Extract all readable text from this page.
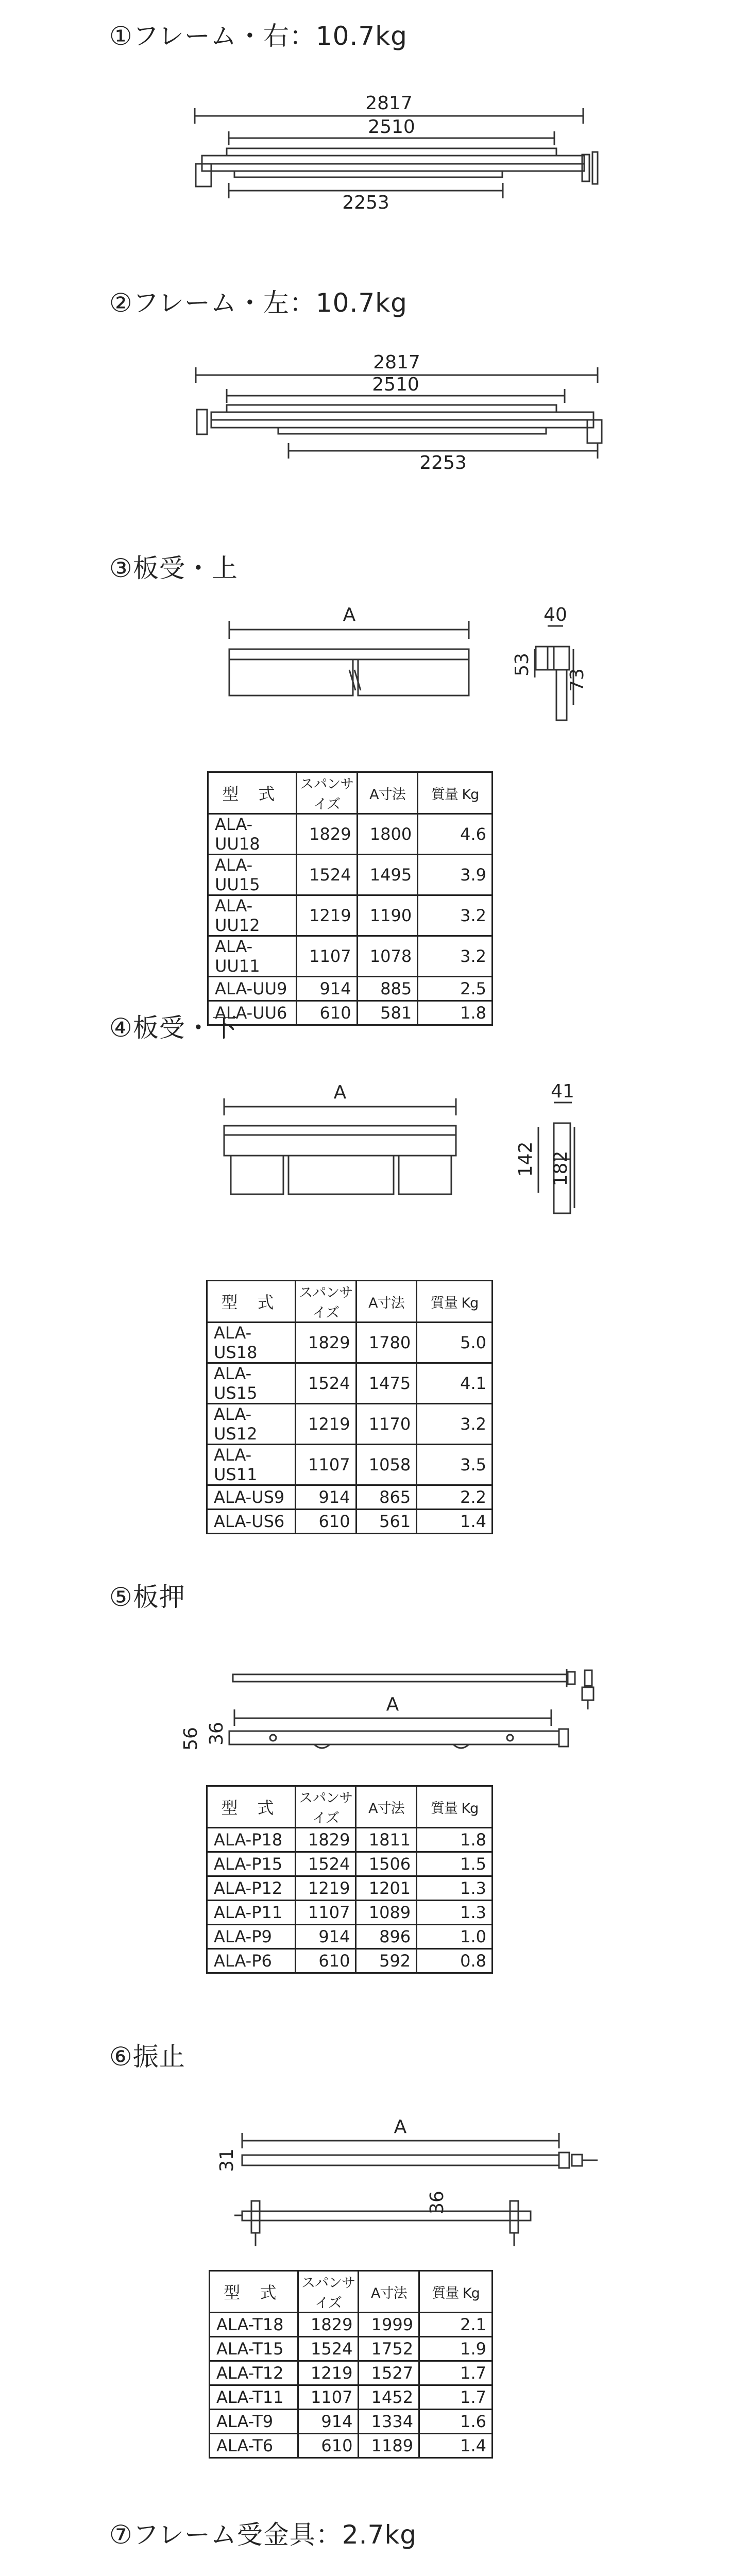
①フレーム・右：10.7kg
②フレーム・左：10.7kg
③板受・上
④板受・下
⑤板押
⑥振止
⑦フレーム受金具：2.7kg
2817
2510
2253
2817
2510
2253
A	40
53
73
A	41
142 182
A
36
56
A
31
36
型 式	スパンサイズ	A寸法	質量 Kg
ALA-UU18	1829	1800	4.6
ALA-UU15	1524	1495	3.9
ALA-UU12	1219	1190	3.2
ALA-UU11	1107	1078	3.2
ALA-UU9	914	885	2.5
ALA-UU6	610	581	1.8
型 式	スパンサイズ	A寸法	質量 Kg
ALA-US18	1829	1780	5.0
ALA-US15	1524	1475	4.1
ALA-US12	1219	1170	3.2
ALA-US11	1107	1058	3.5
ALA-US9	914	865	2.2
ALA-US6	610	561	1.4
型 式	スパンサイズ	A寸法	質量 Kg
ALA-P18	1829	1811	1.8
ALA-P15	1524	1506	1.5
ALA-P12	1219	1201	1.3
ALA-P11	1107	1089	1.3
ALA-P9	914	896	1.0
ALA-P6	610	592	0.8
型 式	スパンサイズ	A寸法	質量 Kg
ALA-T18	1829	1999	2.1
ALA-T15	1524	1752	1.9
ALA-T12	1219	1527	1.7
ALA-T11	1107	1452	1.7
ALA-T9	914	1334	1.6
ALA-T6	610	1189	1.4
